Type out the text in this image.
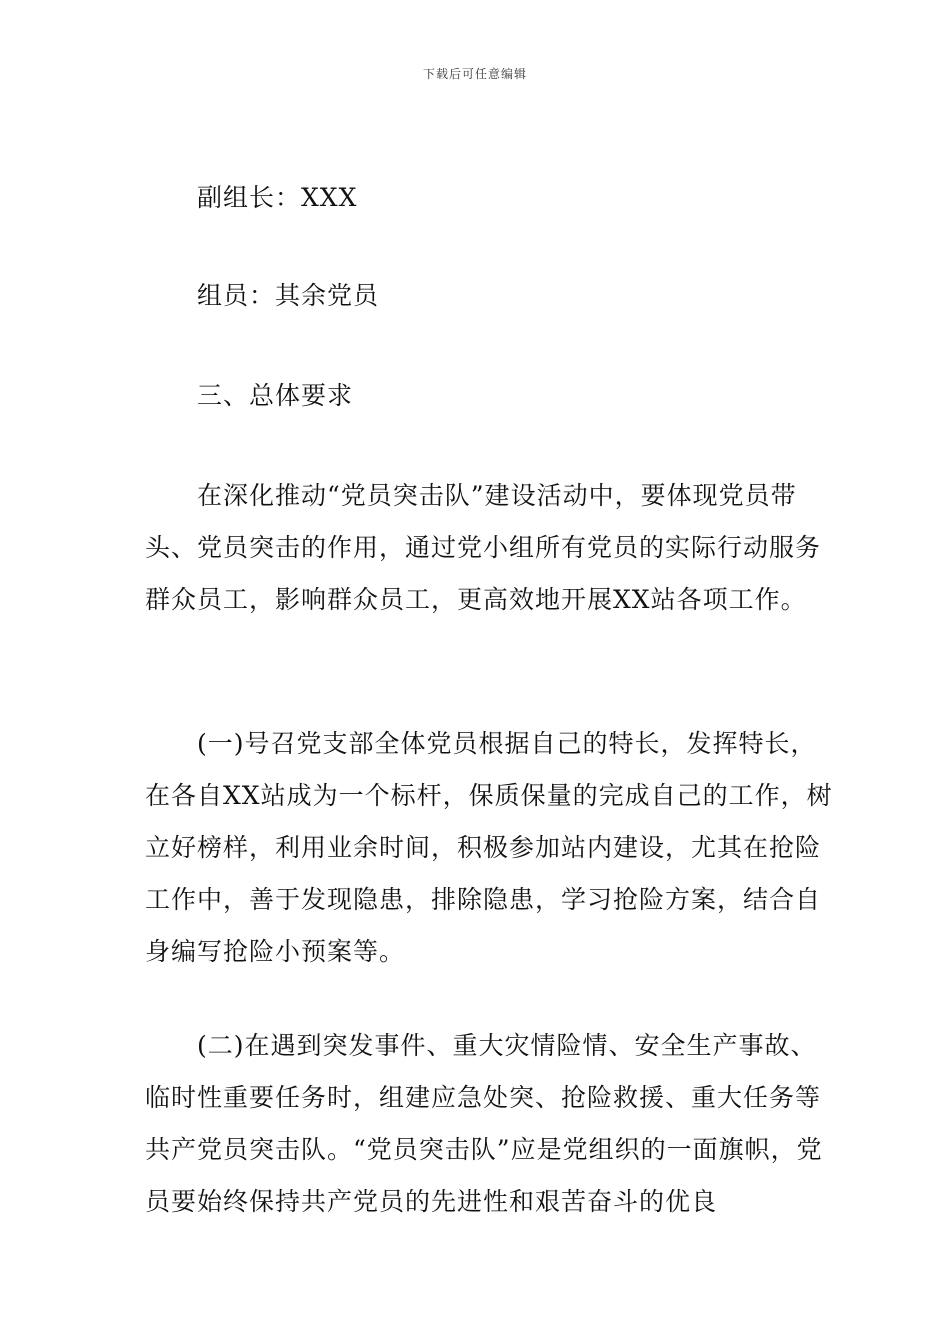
下载后可任意编辑

副组长：XXX

组员：其余党员

三、总体要求

在深化推动“党员突击队”建设活动中，要体现党员带头、党员突击的作用，通过党小组所有党员的实际行动服务群众员工，影响群众员工，更高效地开展XX站各项工作。

(一)号召党支部全体党员根据自己的特长，发挥特长，在各自XX站成为一个标杆，保质保量的完成自己的工作，树立好榜样，利用业余时间，积极参加站内建设，尤其在抢险工作中，善于发现隐患，排除隐患，学习抢险方案，结合自身编写抢险小预案等。

(二)在遇到突发事件、重大灾情险情、安全生产事故、临时性重要任务时，组建应急处突、抢险救援、重大任务等共产党员突击队。“党员突击队”应是党组织的一面旗帜，党员要始终保持共产党员的先进性和艰苦奋斗的优良
